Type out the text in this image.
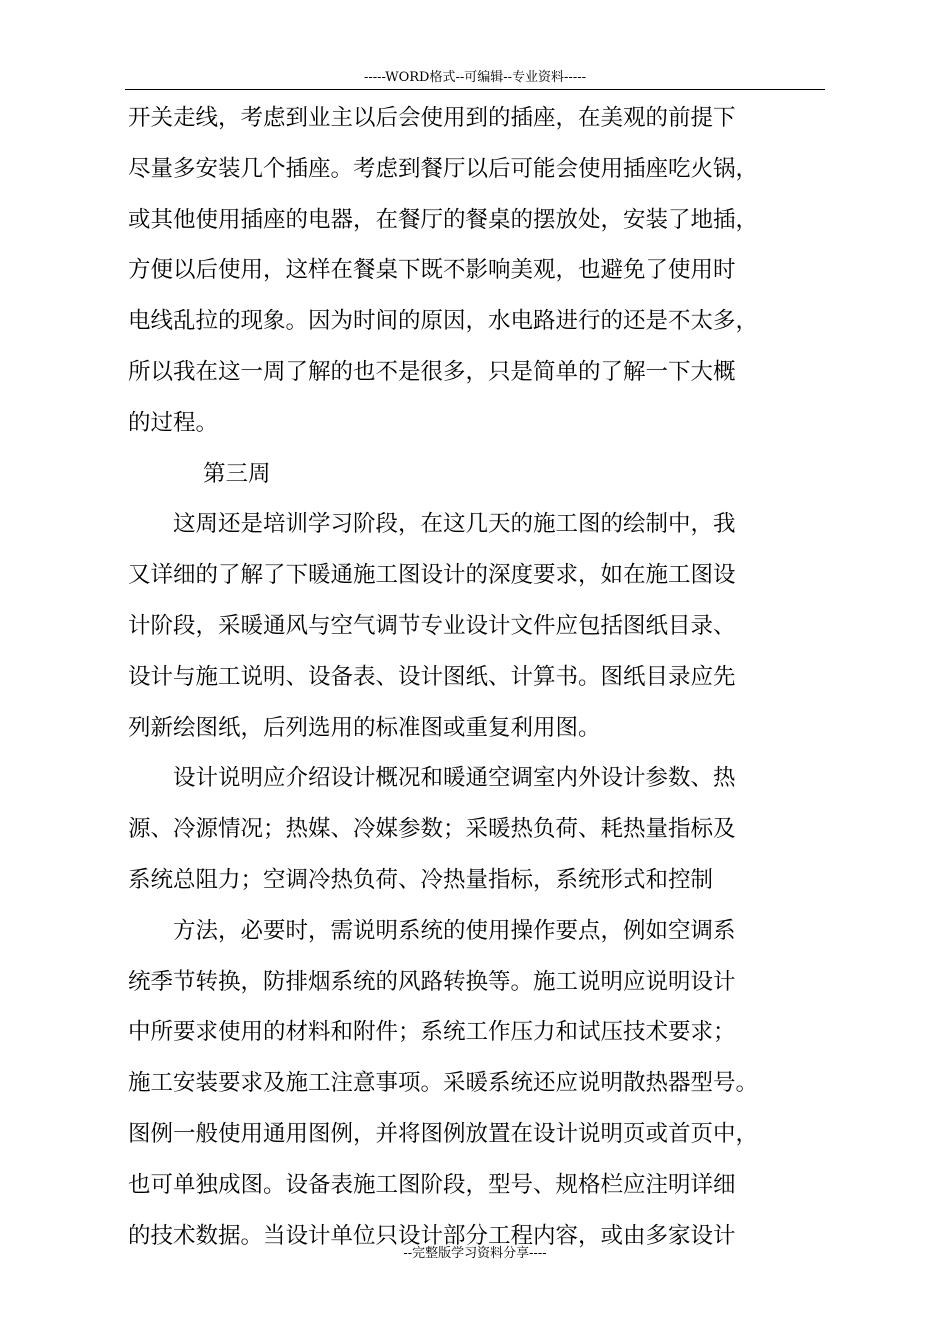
-----WORD格式--可编辑--专业资料-----
开关走线，考虑到业主以后会使用到的插座，在美观的前提下
尽量多安装几个插座。考虑到餐厅以后可能会使用插座吃火锅，
或其他使用插座的电器，在餐厅的餐桌的摆放处，安装了地插，
方便以后使用，这样在餐桌下既不影响美观，也避免了使用时
电线乱拉的现象。因为时间的原因，水电路进行的还是不太多，
所以我在这一周了解的也不是很多，只是简单的了解一下大概
的过程。
第三周
这周还是培训学习阶段，在这几天的施工图的绘制中，我
又详细的了解了下暖通施工图设计的深度要求，如在施工图设
计阶段，采暖通风与空气调节专业设计文件应包括图纸目录、
设计与施工说明、设备表、设计图纸、计算书。图纸目录应先
列新绘图纸，后列选用的标准图或重复利用图。
设计说明应介绍设计概况和暖通空调室内外设计参数、热
源、冷源情况；热媒、冷媒参数；采暖热负荷、耗热量指标及
系统总阻力；空调冷热负荷、冷热量指标，系统形式和控制
方法，必要时，需说明系统的使用操作要点，例如空调系
统季节转换，防排烟系统的风路转换等。施工说明应说明设计
中所要求使用的材料和附件；系统工作压力和试压技术要求；
施工安装要求及施工注意事项。采暖系统还应说明散热器型号。
图例一般使用通用图例，并将图例放置在设计说明页或首页中，
也可单独成图。设备表施工图阶段，型号、规格栏应注明详细
的技术数据。当设计单位只设计部分工程内容，或由多家设计
--完整版学习资料分享----
